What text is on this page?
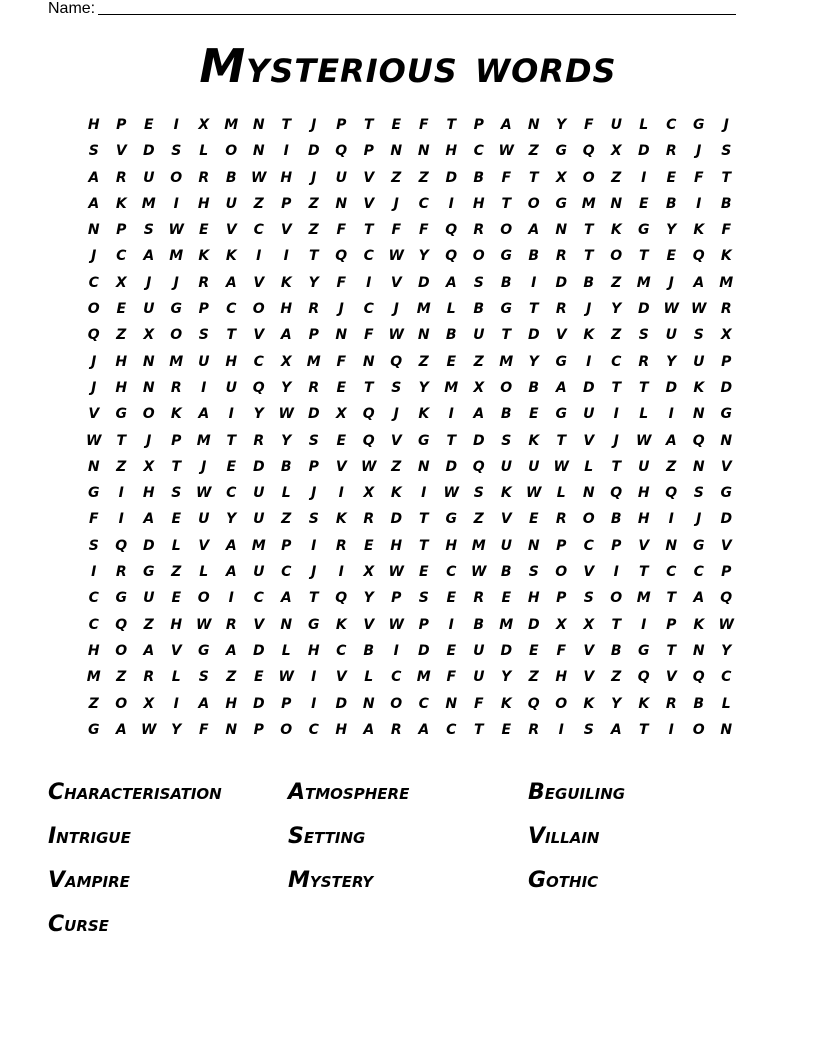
Name:
Mysterious words
H	P	E	I	X	M	N	T	J	P	T	E	F	T	P	A	N	Y	F	U	L	C	G	J
S	V	D	S	L	O	N	I	D	Q	P	N	N	H	C	W	Z	G	Q	X	D	R	J	S
A	R	U	O	R	B	W	H	J	U	V	Z	Z	D	B	F	T	X	O	Z	I	E	F	T
A	K	M	I	H	U	Z	P	Z	N	V	J	C	I	H	T	O	G	M	N	E	B	I	B
N	P	S	W	E	V	C	V	Z	F	T	F	F	Q	R	O	A	N	T	K	G	Y	K	F
J	C	A	M	K	K	I	I	T	Q	C	W	Y	Q	O	G	B	R	T	O	T	E	Q	K
C	X	J	J	R	A	V	K	Y	F	I	V	D	A	S	B	I	D	B	Z	M	J	A	M
O	E	U	G	P	C	O	H	R	J	C	J	M	L	B	G	T	R	J	Y	D	W	W	R
Q	Z	X	O	S	T	V	A	P	N	F	W	N	B	U	T	D	V	K	Z	S	U	S	X
J	H	N	M	U	H	C	X	M	F	N	Q	Z	E	Z	M	Y	G	I	C	R	Y	U	P
J	H	N	R	I	U	Q	Y	R	E	T	S	Y	M	X	O	B	A	D	T	T	D	K	D
V	G	O	K	A	I	Y	W	D	X	Q	J	K	I	A	B	E	G	U	I	L	I	N	G
W	T	J	P	M	T	R	Y	S	E	Q	V	G	T	D	S	K	T	V	J	W	A	Q	N
N	Z	X	T	J	E	D	B	P	V	W	Z	N	D	Q	U	U	W	L	T	U	Z	N	V
G	I	H	S	W	C	U	L	J	I	X	K	I	W	S	K	W	L	N	Q	H	Q	S	G
F	I	A	E	U	Y	U	Z	S	K	R	D	T	G	Z	V	E	R	O	B	H	I	J	D
S	Q	D	L	V	A	M	P	I	R	E	H	T	H	M	U	N	P	C	P	V	N	G	V
I	R	G	Z	L	A	U	C	J	I	X	W	E	C	W	B	S	O	V	I	T	C	C	P
C	G	U	E	O	I	C	A	T	Q	Y	P	S	E	R	E	H	P	S	O	M	T	A	Q
C	Q	Z	H	W	R	V	N	G	K	V	W	P	I	B	M	D	X	X	T	I	P	K	W
H	O	A	V	G	A	D	L	H	C	B	I	D	E	U	D	E	F	V	B	G	T	N	Y
M	Z	R	L	S	Z	E	W	I	V	L	C	M	F	U	Y	Z	H	V	Z	Q	V	Q	C
Z	O	X	I	A	H	D	P	I	D	N	O	C	N	F	K	Q	O	K	Y	K	R	B	L
G	A	W	Y	F	N	P	O	C	H	A	R	A	C	T	E	R	I	S	A	T	I	O	N
Characterisation	Atmosphere	Beguiling
Intrigue	Setting	Villain
Vampire	Mystery	Gothic
Curse
